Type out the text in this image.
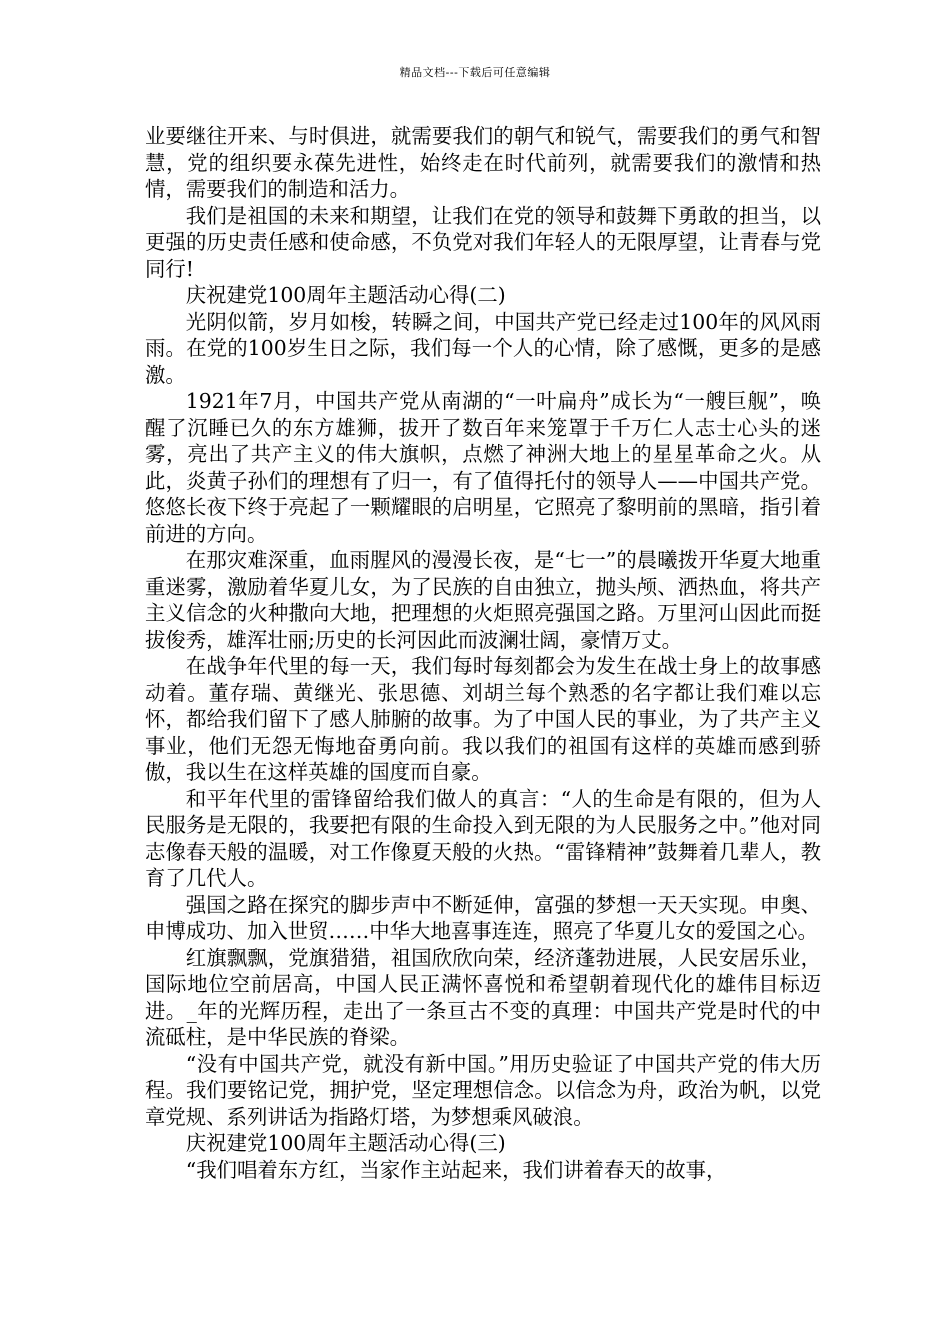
精品文档---下载后可任意编辑

业要继往开来、与时俱进，就需要我们的朝气和锐气，需要我们的勇气和智慧，党的组织要永葆先进性，始终走在时代前列，就需要我们的激情和热情，需要我们的制造和活力。

我们是祖国的未来和期望，让我们在党的领导和鼓舞下勇敢的担当，以更强的历史责任感和使命感，不负党对我们年轻人的无限厚望，让青春与党同行!

庆祝建党100周年主题活动心得(二)

光阴似箭，岁月如梭，转瞬之间，中国共产党已经走过100年的风风雨雨。在党的100岁生日之际，我们每一个人的心情，除了感慨，更多的是感激。

1921年7月，中国共产党从南湖的“一叶扁舟”成长为“一艘巨舰”，唤醒了沉睡已久的东方雄狮，拔开了数百年来笼罩于千万仁人志士心头的迷雾，亮出了共产主义的伟大旗帜，点燃了神洲大地上的星星革命之火。从此，炎黄子孙们的理想有了归一，有了值得托付的领导人——中国共产党。悠悠长夜下终于亮起了一颗耀眼的启明星，它照亮了黎明前的黑暗，指引着前进的方向。

在那灾难深重，血雨腥风的漫漫长夜，是“七一”的晨曦拨开华夏大地重重迷雾，激励着华夏儿女，为了民族的自由独立，抛头颅、洒热血，将共产主义信念的火种撒向大地，把理想的火炬照亮强国之路。万里河山因此而挺拔俊秀，雄浑壮丽;历史的长河因此而波澜壮阔，豪情万丈。

在战争年代里的每一天，我们每时每刻都会为发生在战士身上的故事感动着。董存瑞、黄继光、张思德、刘胡兰每个熟悉的名字都让我们难以忘怀，都给我们留下了感人肺腑的故事。为了中国人民的事业，为了共产主义事业，他们无怨无悔地奋勇向前。我以我们的祖国有这样的英雄而感到骄傲，我以生在这样英雄的国度而自豪。

和平年代里的雷锋留给我们做人的真言：“人的生命是有限的，但为人民服务是无限的，我要把有限的生命投入到无限的为人民服务之中。”他对同志像春天般的温暖，对工作像夏天般的火热。“雷锋精神”鼓舞着几辈人，教育了几代人。

强国之路在探究的脚步声中不断延伸，富强的梦想一天天实现。申奥、申博成功、加入世贸……中华大地喜事连连，照亮了华夏儿女的爱国之心。

红旗飘飘，党旗猎猎，祖国欣欣向荣，经济蓬勃进展，人民安居乐业，国际地位空前居高，中国人民正满怀喜悦和希望朝着现代化的雄伟目标迈进。_年的光辉历程，走出了一条亘古不变的真理：中国共产党是时代的中流砥柱，是中华民族的脊梁。

“没有中国共产党，就没有新中国。”用历史验证了中国共产党的伟大历程。我们要铭记党，拥护党，坚定理想信念。以信念为舟，政治为帆，以党章党规、系列讲话为指路灯塔，为梦想乘风破浪。

庆祝建党100周年主题活动心得(三)

“我们唱着东方红，当家作主站起来，我们讲着春天的故事，
